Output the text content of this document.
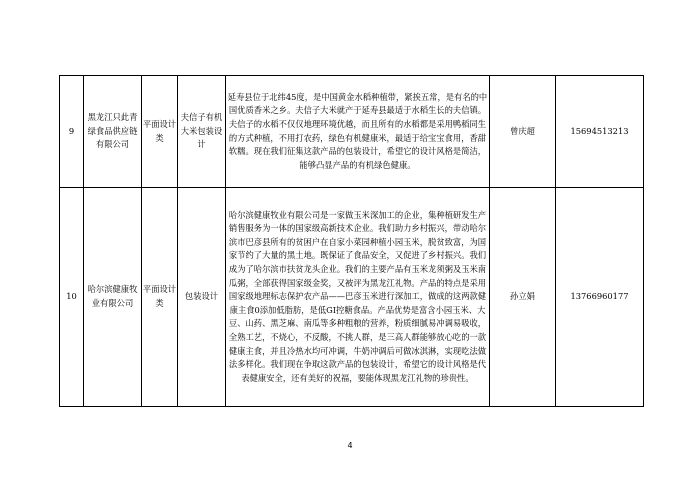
9	黑龙江只此青绿食品供应链有限公司	平面设计类	夫信子有机大米包装设计	延寿县位于北纬45度，是中国黄金水稻种植带，紧挨五常，是有名的中国优质香米之乡。夫信子大米就产于延寿县最适于水稻生长的夫信镇。夫信子的水稻不仅仅地理环境优越，而且所有的水稻都是采用鸭稻同生的方式种植，不用打农药，绿色有机健康米，最适于给宝宝食用，香甜软糯。现在我们征集这款产品的包装设计，希望它的设计风格是简洁，能够凸显产品的有机绿色健康。	曾庆超	15694513213
10	哈尔滨健康牧业有限公司	平面设计类	包装设计	哈尔滨健康牧业有限公司是一家做玉米深加工的企业，集种植研发生产销售服务为一体的国家级高新技术企业。我们助力乡村振兴，带动哈尔滨市巴彦县所有的贫困户在自家小菜园种植小园玉米，脱贫致富，为国家节约了大量的黑土地。既保证了食品安全，又促进了乡村振兴。我们成为了哈尔滨市扶贫龙头企业。我们的主要产品有玉米龙须粥及玉米南瓜粥，全部获得国家级金奖，又被评为黑龙江礼物。产品的特点是采用国家级地理标志保护农产品——巴彦玉米进行深加工，做成的这两款健康主食0添加低脂肪，是低GI控糖食品。产品优势是富含小园玉米、大豆、山药、黑芝麻、南瓜等多种粗粮的营养，粉质细腻易冲调易吸收，全熟工艺，不烧心，不反酸，不挑人群，是三高人群能够放心吃的一款健康主食，并且冷热水均可冲调，牛奶冲调后可做冰淇淋，实现吃法做法多样化。我们现在争取这款产品的包装设计，希望它的设计风格是代表健康安全，还有美好的祝福，要能体现黑龙江礼物的珍贵性。	孙立娟	13766960177
4
